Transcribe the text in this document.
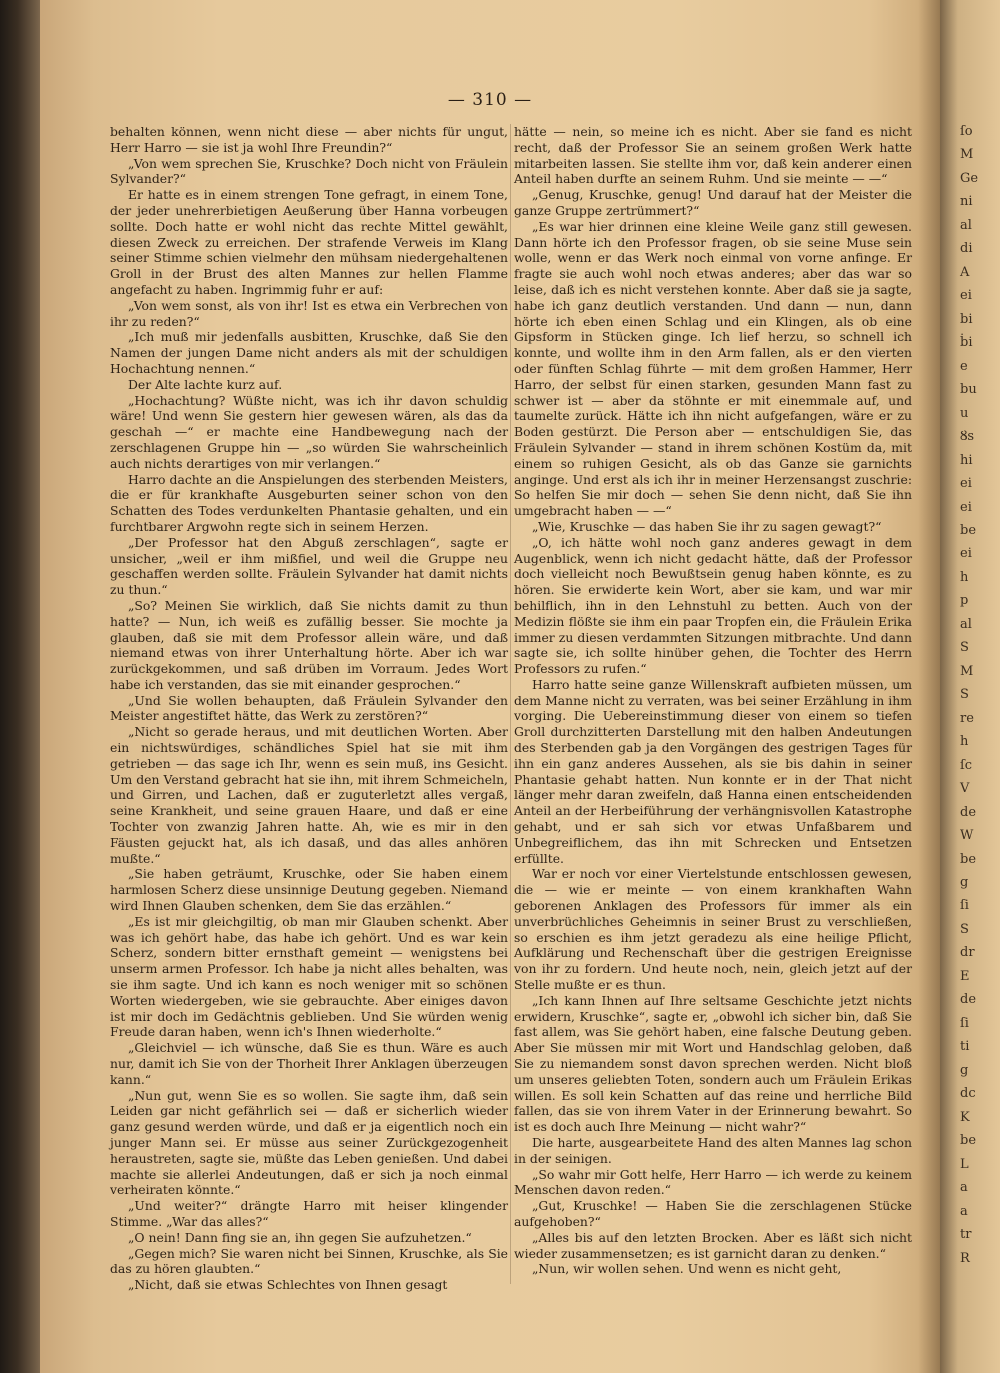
— 310 —

behalten können, wenn nicht diese — aber nichts für ungut, Herr Harro — sie ist ja wohl Ihre Freundin?“

„Von wem sprechen Sie, Kruschke? Doch nicht von Fräulein Sylvander?“

Er hatte es in einem strengen Tone gefragt, in einem Tone, der jeder unehrerbietigen Aeußerung über Hanna vorbeugen sollte. Doch hatte er wohl nicht das rechte Mittel gewählt, diesen Zweck zu erreichen. Der strafende Verweis im Klang seiner Stimme schien vielmehr den mühsam niedergehaltenen Groll in der Brust des alten Mannes zur hellen Flamme angefacht zu haben. Ingrimmig fuhr er auf:

„Von wem sonst, als von ihr! Ist es etwa ein Verbrechen von ihr zu reden?“

„Ich muß mir jedenfalls ausbitten, Kruschke, daß Sie den Namen der jungen Dame nicht anders als mit der schuldigen Hochachtung nennen.“

Der Alte lachte kurz auf.

„Hochachtung? Wüßte nicht, was ich ihr davon schuldig wäre! Und wenn Sie gestern hier gewesen wären, als das da geschah —“ er machte eine Handbewegung nach der zerschlagenen Gruppe hin — „so würden Sie wahrscheinlich auch nichts derartiges von mir verlangen.“

Harro dachte an die Anspielungen des sterbenden Meisters, die er für krankhafte Ausgeburten seiner schon von den Schatten des Todes verdunkelten Phantasie gehalten, und ein furchtbarer Argwohn regte sich in seinem Herzen.

„Der Professor hat den Abguß zerschlagen“, sagte er unsicher, „weil er ihm mißfiel, und weil die Gruppe neu geschaffen werden sollte. Fräulein Sylvander hat damit nichts zu thun.“

„So? Meinen Sie wirklich, daß Sie nichts damit zu thun hatte? — Nun, ich weiß es zufällig besser. Sie mochte ja glauben, daß sie mit dem Professor allein wäre, und daß niemand etwas von ihrer Unterhaltung hörte. Aber ich war zurückgekommen, und saß drüben im Vorraum. Jedes Wort habe ich verstanden, das sie mit einander gesprochen.“

„Und Sie wollen behaupten, daß Fräulein Sylvander den Meister angestiftet hätte, das Werk zu zerstören?“

„Nicht so gerade heraus, und mit deutlichen Worten. Aber ein nichtswürdiges, schändliches Spiel hat sie mit ihm getrieben — das sage ich Ihr, wenn es sein muß, ins Gesicht. Um den Verstand gebracht hat sie ihn, mit ihrem Schmeicheln, und Girren, und Lachen, daß er zuguterletzt alles vergaß, seine Krankheit, und seine grauen Haare, und daß er eine Tochter von zwanzig Jahren hatte. Ah, wie es mir in den Fäusten gejuckt hat, als ich dasaß, und das alles anhören mußte.“

„Sie haben geträumt, Kruschke, oder Sie haben einem harmlosen Scherz diese unsinnige Deutung gegeben. Niemand wird Ihnen Glauben schenken, dem Sie das erzählen.“

„Es ist mir gleichgiltig, ob man mir Glauben schenkt. Aber was ich gehört habe, das habe ich gehört. Und es war kein Scherz, sondern bitter ernsthaft gemeint — wenigstens bei unserm armen Professor. Ich habe ja nicht alles behalten, was sie ihm sagte. Und ich kann es noch weniger mit so schönen Worten wiedergeben, wie sie gebrauchte. Aber einiges davon ist mir doch im Gedächtnis geblieben. Und Sie würden wenig Freude daran haben, wenn ich's Ihnen wiederholte.“

„Gleichviel — ich wünsche, daß Sie es thun. Wäre es auch nur, damit ich Sie von der Thorheit Ihrer Anklagen überzeugen kann.“

„Nun gut, wenn Sie es so wollen. Sie sagte ihm, daß sein Leiden gar nicht gefährlich sei — daß er sicherlich wieder ganz gesund werden würde, und daß er ja eigentlich noch ein junger Mann sei. Er müsse aus seiner Zurückgezogenheit heraustreten, sagte sie, müßte das Leben genießen. Und dabei machte sie allerlei Andeutungen, daß er sich ja noch einmal verheiraten könnte.“

„Und weiter?“ drängte Harro mit heiser klingender Stimme. „War das alles?“

„O nein! Dann fing sie an, ihn gegen Sie aufzuhetzen.“

„Gegen mich? Sie waren nicht bei Sinnen, Kruschke, als Sie das zu hören glaubten.“

„Nicht, daß sie etwas Schlechtes von Ihnen gesagt

hätte — nein, so meine ich es nicht. Aber sie fand es nicht recht, daß der Professor Sie an seinem großen Werk hatte mitarbeiten lassen. Sie stellte ihm vor, daß kein anderer einen Anteil haben durfte an seinem Ruhm. Und sie meinte — —“

„Genug, Kruschke, genug! Und darauf hat der Meister die ganze Gruppe zertrümmert?“

„Es war hier drinnen eine kleine Weile ganz still gewesen. Dann hörte ich den Professor fragen, ob sie seine Muse sein wolle, wenn er das Werk noch einmal von vorne anfinge. Er fragte sie auch wohl noch etwas anderes; aber das war so leise, daß ich es nicht verstehen konnte. Aber daß sie ja sagte, habe ich ganz deutlich verstanden. Und dann — nun, dann hörte ich eben einen Schlag und ein Klingen, als ob eine Gipsform in Stücken ginge. Ich lief herzu, so schnell ich konnte, und wollte ihm in den Arm fallen, als er den vierten oder fünften Schlag führte — mit dem großen Hammer, Herr Harro, der selbst für einen starken, gesunden Mann fast zu schwer ist — aber da stöhnte er mit einemmale auf, und taumelte zurück. Hätte ich ihn nicht aufgefangen, wäre er zu Boden gestürzt. Die Person aber — entschuldigen Sie, das Fräulein Sylvander — stand in ihrem schönen Kostüm da, mit einem so ruhigen Gesicht, als ob das Ganze sie garnichts anginge. Und erst als ich ihr in meiner Herzensangst zuschrie: So helfen Sie mir doch — sehen Sie denn nicht, daß Sie ihn umgebracht haben — —“

„Wie, Kruschke — das haben Sie ihr zu sagen gewagt?“

„O, ich hätte wohl noch ganz anderes gewagt in dem Augenblick, wenn ich nicht gedacht hätte, daß der Professor doch vielleicht noch Bewußtsein genug haben könnte, es zu hören. Sie erwiderte kein Wort, aber sie kam, und war mir behilflich, ihn in den Lehnstuhl zu betten. Auch von der Medizin flößte sie ihm ein paar Tropfen ein, die Fräulein Erika immer zu diesen verdammten Sitzungen mitbrachte. Und dann sagte sie, ich sollte hinüber gehen, die Tochter des Herrn Professors zu rufen.“

Harro hatte seine ganze Willenskraft aufbieten müssen, um dem Manne nicht zu verraten, was bei seiner Erzählung in ihm vorging. Die Uebereinstimmung dieser von einem so tiefen Groll durchzitterten Darstellung mit den halben Andeutungen des Sterbenden gab ja den Vorgängen des gestrigen Tages für ihn ein ganz anderes Aussehen, als sie bis dahin in seiner Phantasie gehabt hatten. Nun konnte er in der That nicht länger mehr daran zweifeln, daß Hanna einen entscheidenden Anteil an der Herbeiführung der verhängnisvollen Katastrophe gehabt, und er sah sich vor etwas Unfaßbarem und Unbegreiflichem, das ihn mit Schrecken und Entsetzen erfüllte.

War er noch vor einer Viertelstunde entschlossen gewesen, die — wie er meinte — von einem krankhaften Wahn geborenen Anklagen des Professors für immer als ein unverbrüchliches Geheimnis in seiner Brust zu verschließen, so erschien es ihm jetzt geradezu als eine heilige Pflicht, Aufklärung und Rechenschaft über die gestrigen Ereignisse von ihr zu fordern. Und heute noch, nein, gleich jetzt auf der Stelle mußte er es thun.

„Ich kann Ihnen auf Ihre seltsame Geschichte jetzt nichts erwidern, Kruschke“, sagte er, „obwohl ich sicher bin, daß Sie fast allem, was Sie gehört haben, eine falsche Deutung geben. Aber Sie müssen mir mit Wort und Handschlag geloben, daß Sie zu niemandem sonst davon sprechen werden. Nicht bloß um unseres geliebten Toten, sondern auch um Fräulein Erikas willen. Es soll kein Schatten auf das reine und herrliche Bild fallen, das sie von ihrem Vater in der Erinnerung bewahrt. So ist es doch auch Ihre Meinung — nicht wahr?“

Die harte, ausgearbeitete Hand des alten Mannes lag schon in der seinigen.

„So wahr mir Gott helfe, Herr Harro — ich werde zu keinem Menschen davon reden.“

„Gut, Kruschke! — Haben Sie die zerschlagenen Stücke aufgehoben?“

„Alles bis auf den letzten Brocken. Aber es läßt sich nicht wieder zusammensetzen; es ist garnicht daran zu denken.“

„Nun, wir wollen sehen. Und wenn es nicht geht,

ſo
M
Ge
ni
al
di
A
ei
bi
ḃi
e
bu
u
Ȣs
hi
ei
ei
be
ei
h
p
al
S
M
S
re
h
ſc
V
de
W
be
g
ſi
S
dr
E
de
ſi
ti
g
dc
K
be
L
a
a
tr
R
